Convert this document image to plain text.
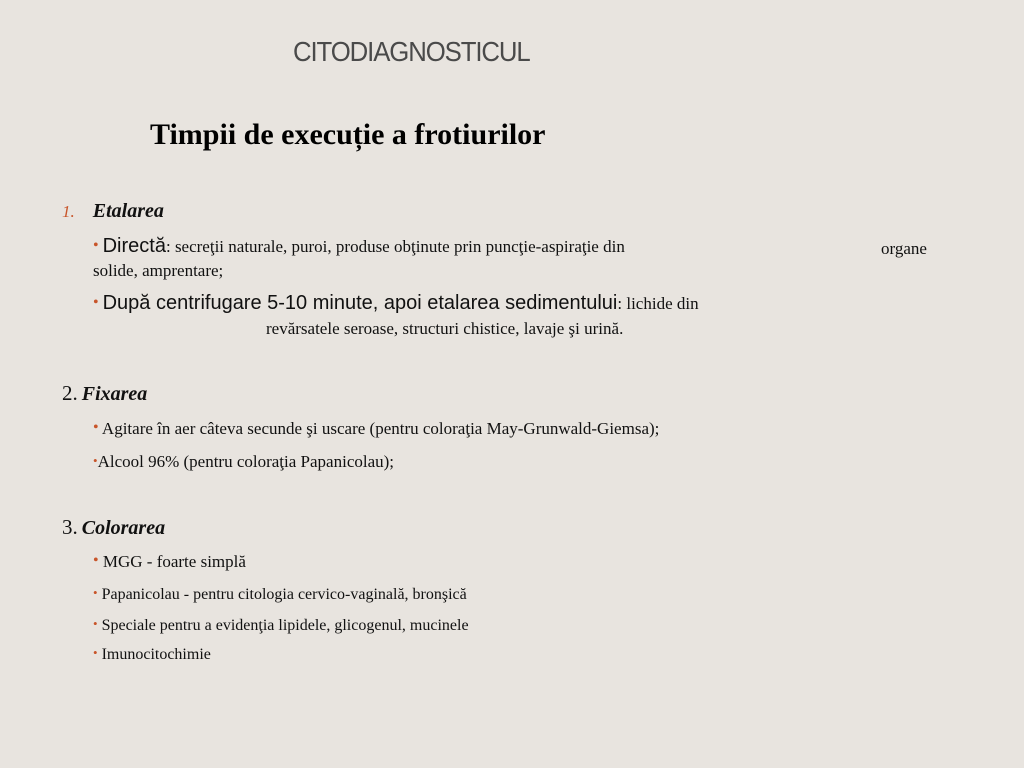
CITODIAGNOSTICUL
Timpii de execuție a frotiurilor
1. Etalarea
• Directă: secreţii naturale, puroi, produse obţinute prin puncţie-aspiraţie din	organe
solide, amprentare;
• După centrifugare 5-10 minute, apoi etalarea sedimentului: lichide din
revărsatele seroase, structuri chistice, lavaje şi urină.
2. Fixarea
• Agitare în aer câteva secunde şi uscare (pentru coloraţia May-Grunwald-Giemsa);
•Alcool 96% (pentru coloraţia Papanicolau);
3. Colorarea
• MGG - foarte simplă
• Papanicolau - pentru citologia cervico-vaginală, bronşică
• Speciale pentru a evidenţia lipidele, glicogenul, mucinele
• Imunocitochimie
